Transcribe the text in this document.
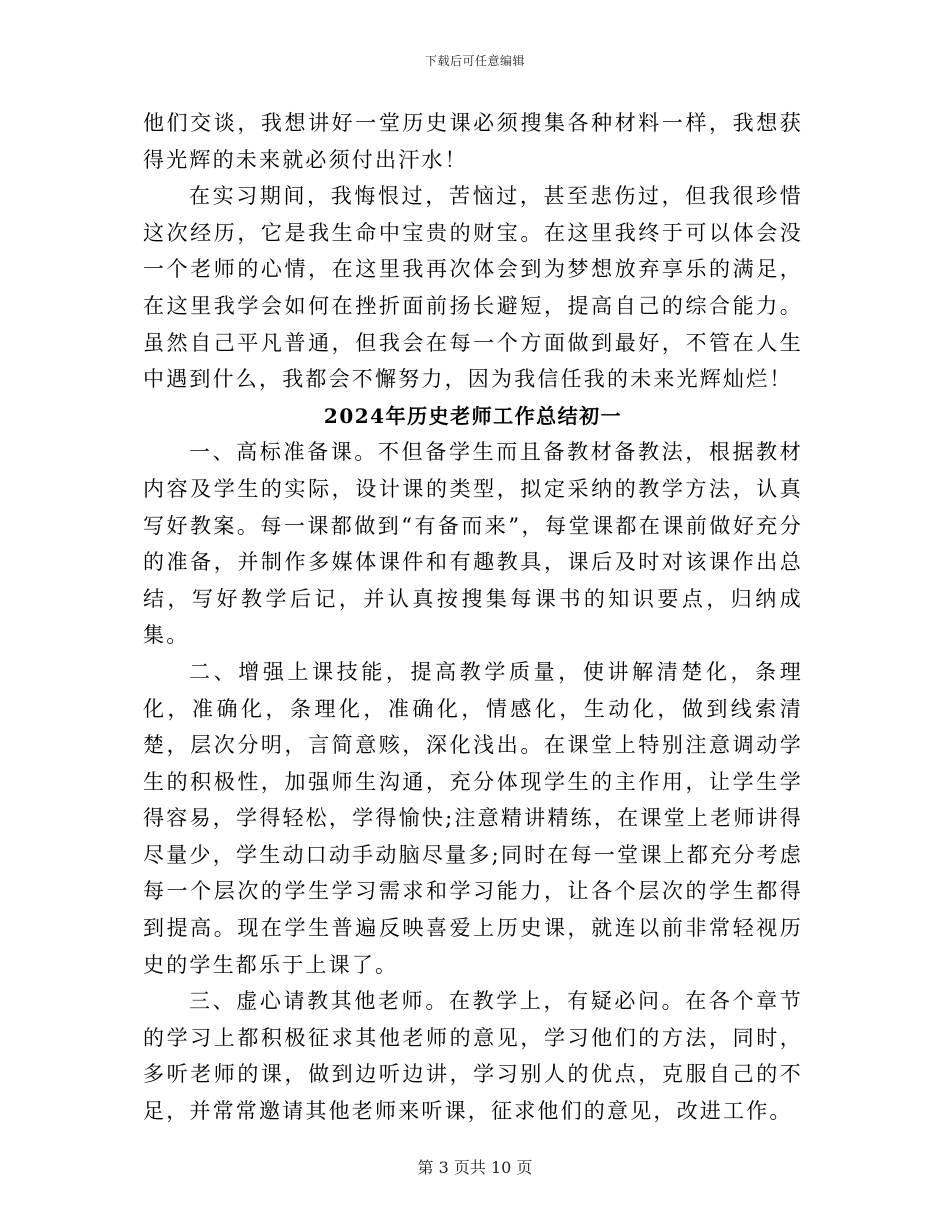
下载后可任意编辑

他们交谈，我想讲好一堂历史课必须搜集各种材料一样，我想获得光辉的未来就必须付出汗水！

在实习期间，我悔恨过，苦恼过，甚至悲伤过，但我很珍惜这次经历，它是我生命中宝贵的财宝。在这里我终于可以体会没一个老师的心情，在这里我再次体会到为梦想放弃享乐的满足，在这里我学会如何在挫折面前扬长避短，提高自己的综合能力。虽然自己平凡普通，但我会在每一个方面做到最好，不管在人生中遇到什么，我都会不懈努力，因为我信任我的未来光辉灿烂！

2024年历史老师工作总结初一

一、高标准备课。不但备学生而且备教材备教法，根据教材内容及学生的实际，设计课的类型，拟定采纳的教学方法，认真写好教案。每一课都做到“有备而来”，每堂课都在课前做好充分的准备，并制作多媒体课件和有趣教具，课后及时对该课作出总结，写好教学后记，并认真按搜集每课书的知识要点，归纳成集。

二、增强上课技能，提高教学质量，使讲解清楚化，条理化，准确化，条理化，准确化，情感化，生动化，做到线索清楚，层次分明，言简意赅，深化浅出。在课堂上特别注意调动学生的积极性，加强师生沟通，充分体现学生的主作用，让学生学得容易，学得轻松，学得愉快;注意精讲精练，在课堂上老师讲得尽量少，学生动口动手动脑尽量多;同时在每一堂课上都充分考虑每一个层次的学生学习需求和学习能力，让各个层次的学生都得到提高。现在学生普遍反映喜爱上历史课，就连以前非常轻视历史的学生都乐于上课了。

三、虚心请教其他老师。在教学上，有疑必问。在各个章节的学习上都积极征求其他老师的意见，学习他们的方法，同时，多听老师的课，做到边听边讲，学习别人的优点，克服自己的不足，并常常邀请其他老师来听课，征求他们的意见，改进工作。

第 3 页共 10 页
